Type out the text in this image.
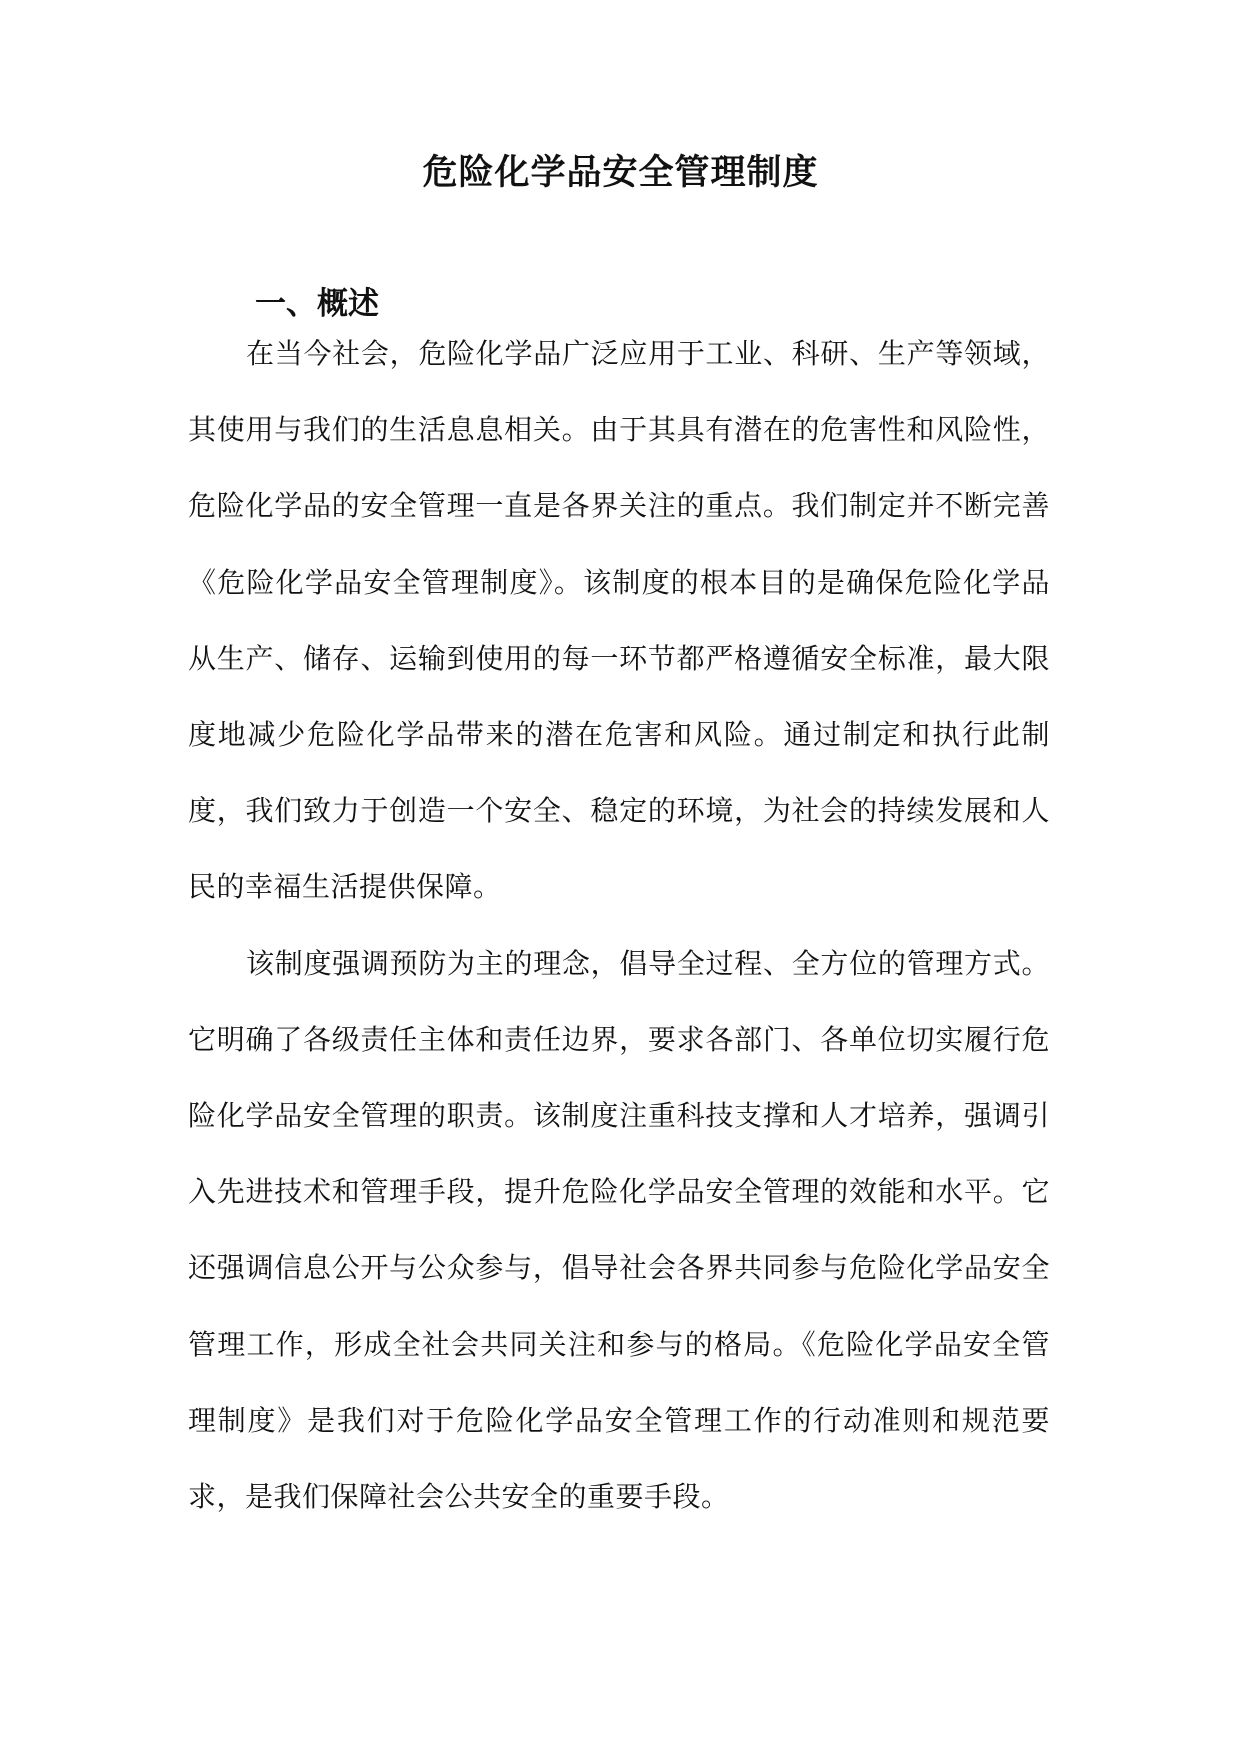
危险化学品安全管理制度
一、概述

在当今社会，危险化学品广泛应用于工业、科研、生产等领域，其使用与我们的生活息息相关。由于其具有潜在的危害性和风险性，危险化学品的安全管理一直是各界关注的重点。我们制定并不断完善《危险化学品安全管理制度》。该制度的根本目的是确保危险化学品从生产、储存、运输到使用的每一环节都严格遵循安全标准，最大限度地减少危险化学品带来的潜在危害和风险。通过制定和执行此制度，我们致力于创造一个安全、稳定的环境，为社会的持续发展和人民的幸福生活提供保障。

该制度强调预防为主的理念，倡导全过程、全方位的管理方式。它明确了各级责任主体和责任边界，要求各部门、各单位切实履行危险化学品安全管理的职责。该制度注重科技支撑和人才培养，强调引入先进技术和管理手段，提升危险化学品安全管理的效能和水平。它还强调信息公开与公众参与，倡导社会各界共同参与危险化学品安全管理工作，形成全社会共同关注和参与的格局。《危险化学品安全管理制度》是我们对于危险化学品安全管理工作的行动准则和规范要求，是我们保障社会公共安全的重要手段。
